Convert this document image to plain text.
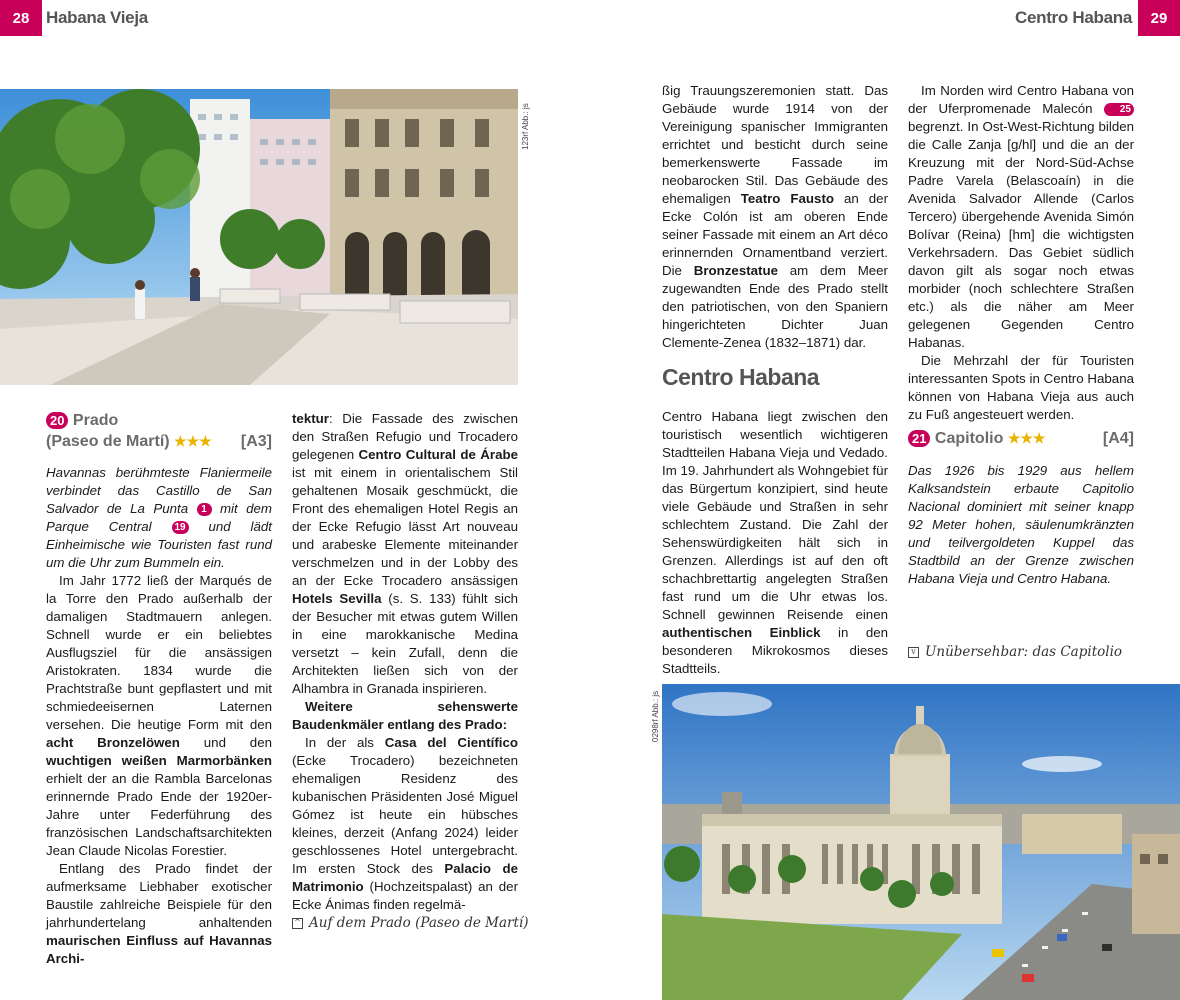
28 Habana Vieja	Centro Habana	29
123rf Abb.: js
20 Prado
(Paseo de Martí) ★★★	[A3]

Havannas berühmteste Flaniermeile verbindet das Castillo de San Salvador de La Punta 1 mit dem Parque Central 19 und lädt Einheimische wie Touristen fast rund um die Uhr zum Bummeln ein.

Im Jahr 1772 ließ der Marqués de la Torre den Prado außerhalb der damaligen Stadtmauern anlegen. Schnell wurde er ein beliebtes Ausflugsziel für die ansässigen Aristokraten. 1834 wurde die Prachtstraße bunt gepflastert und mit schmiedeeisernen Laternen versehen. Die heutige Form mit den acht Bronzelöwen und den wuchtigen weißen Marmorbänken erhielt der an die Rambla Barcelonas erinnernde Prado Ende der 1920er-Jahre unter Federführung des französischen Landschaftsarchitekten Jean Claude Nicolas Forestier.

Entlang des Prado findet der aufmerksame Liebhaber exotischer Baustile zahlreiche Beispiele für den jahrhundertelang anhaltenden maurischen Einfluss auf Havannas Archi-

tektur: Die Fassade des zwischen den Straßen Refugio und Trocadero gelegenen Centro Cultural de Árabe ist mit einem in orientalischem Stil gehaltenen Mosaik geschmückt, die Front des ehemaligen Hotel Regis an der Ecke Refugio lässt Art nouveau und arabeske Elemente miteinander verschmelzen und in der Lobby des an der Ecke Trocadero ansässigen Hotels Sevilla (s. S. 133) fühlt sich der Besucher mit etwas gutem Willen in eine marokkanische Medina versetzt – kein Zufall, denn die Architekten ließen sich von der Alhambra in Granada inspirieren.

Weitere sehenswerte Baudenkmäler entlang des Prado:

In der als Casa del Científico (Ecke Trocadero) bezeichneten ehemaligen Residenz des kubanischen Präsidenten José Miguel Gómez ist heute ein hübsches kleines, derzeit (Anfang 2024) leider geschlossenes Hotel untergebracht. Im ersten Stock des Palacio de Matrimonio (Hochzeitspalast) an der Ecke Ánimas finden regelmä-

^ Auf dem Prado (Paseo de Martí)

ßig Trauungszeremonien statt. Das Gebäude wurde 1914 von der Vereinigung spanischer Immigranten errichtet und besticht durch seine bemerkenswerte Fassade im neobarocken Stil. Das Gebäude des ehemaligen Teatro Fausto an der Ecke Colón ist am oberen Ende seiner Fassade mit einem an Art déco erinnernden Ornamentband verziert. Die Bronzestatue am dem Meer zugewandten Ende des Prado stellt den patriotischen, von den Spaniern hingerichteten Dichter Juan Clemente-Zenea (1832–1871) dar.

Centro Habana

Centro Habana liegt zwischen den touristisch wesentlich wichtigeren Stadtteilen Habana Vieja und Vedado. Im 19. Jahrhundert als Wohngebiet für das Bürgertum konzipiert, sind heute viele Gebäude und Straßen in sehr schlechtem Zustand. Die Zahl der Sehenswürdigkeiten hält sich in Grenzen. Allerdings ist auf den oft schachbrettartig angelegten Straßen fast rund um die Uhr etwas los. Schnell gewinnen Reisende einen authentischen Einblick in den besonderen Mikrokosmos dieses Stadtteils.

Im Norden wird Centro Habana von der Uferpromenade Malecón	25 begrenzt. In Ost-West-Richtung bilden die Calle Zanja [g/hl] und die an der Kreuzung mit der Nord-Süd-Achse Padre Varela (Belascoaín) in die Avenida Salvador Allende (Carlos Tercero) übergehende Avenida Simón Bolívar (Reina) [hm] die wichtigsten Verkehrsadern. Das Gebiet südlich davon gilt als sogar noch etwas morbider (noch schlechtere Straßen etc.) als die näher am Meer gelegenen Gegenden Centro Habanas.

Die Mehrzahl der für Touristen interessanten Spots in Centro Habana können von Habana Vieja aus auch zu Fuß angesteuert werden.

21 Capitolio ★★★	[A4]

Das 1926 bis 1929 aus hellem Kalksandstein erbaute Capitolio Nacional dominiert mit seiner knapp 92 Meter hohen, säulenumkränzten und teilvergoldeten Kuppel das Stadtbild an der Grenze zwischen Habana Vieja und Centro Habana.

v Unübersehbar: das Capitolio
0298rf Abb.: js
